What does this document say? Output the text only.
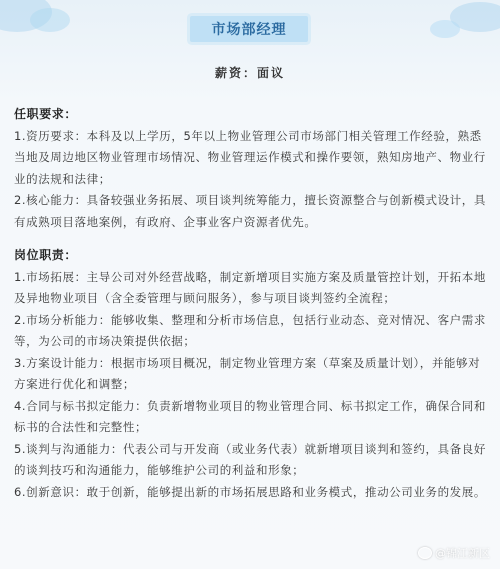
市场部经理
薪资：面议

任职要求：

1.资历要求：本科及以上学历，5年以上物业管理公司市场部门相关管理工作经验，熟悉当地及周边地区物业管理市场情况、物业管理运作模式和操作要领，熟知房地产、物业行业的法规和法律；

2.核心能力：具备较强业务拓展、项目谈判统筹能力，擅长资源整合与创新模式设计，具有成熟项目落地案例，有政府、企事业客户资源者优先。

岗位职责：

1.市场拓展：主导公司对外经营战略，制定新增项目实施方案及质量管控计划，开拓本地及异地物业项目（含全委管理与顾问服务），参与项目谈判签约全流程；

2.市场分析能力：能够收集、整理和分析市场信息，包括行业动态、竞对情况、客户需求等，为公司的市场决策提供依据；

3.方案设计能力：根据市场项目概况，制定物业管理方案（草案及质量计划），并能够对方案进行优化和调整；

4.合同与标书拟定能力：负责新增物业项目的物业管理合同、标书拟定工作，确保合同和标书的合法性和完整性；

5.谈判与沟通能力：代表公司与开发商（或业务代表）就新增项目谈判和签约，具备良好的谈判技巧和沟通能力，能够维护公司的利益和形象；

6.创新意识：敢于创新，能够提出新的市场拓展思路和业务模式，推动公司业务的发展。

@锦江新区
